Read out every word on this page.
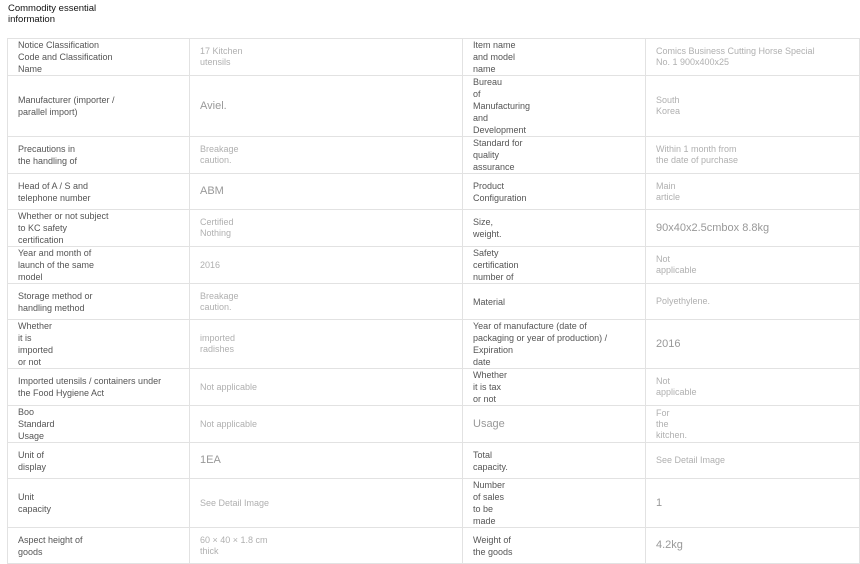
Commodity essential
information
Notice Classification
Code and Classification
Name	17 Kitchen
utensils	Item name
and model
name	Comics Business Cutting Horse Special
No. 1 900x400x25

Manufacturer (importer /
parallel import)	Aviel.	Bureau
of
Manufacturing
and
Development	South
Korea

Precautions in
the handling of	Breakage
caution.	Standard for
quality
assurance	Within 1 month from
the date of purchase

Head of A / S and
telephone number	ABM	Product
Configuration	Main
article

Whether or not subject
to KC safety
certification	Certified
Nothing	Size,
weight.	90x40x2.5cmbox 8.8kg

Year and month of
launch of the same
model	2016	Safety
certification
number of	Not
applicable

Storage method or
handling method	Breakage
caution.	Material	Polyethylene.

Whether
it is
imported
or not	imported
radishes	Year of manufacture (date of
packaging or year of production) /
Expiration
date	2016

Imported utensils / containers under
the Food Hygiene Act	Not applicable	Whether
it is tax
or not	Not
applicable

Boo
Standard
Usage	Not applicable	Usage	For
the
kitchen.

Unit of
display	1EA	Total
capacity.	See Detail Image

Unit
capacity	See Detail Image	Number
of sales
to be
made	1

Aspect height of
goods	60 × 40 × 1.8 cm
thick	Weight of
the goods	4.2kg
